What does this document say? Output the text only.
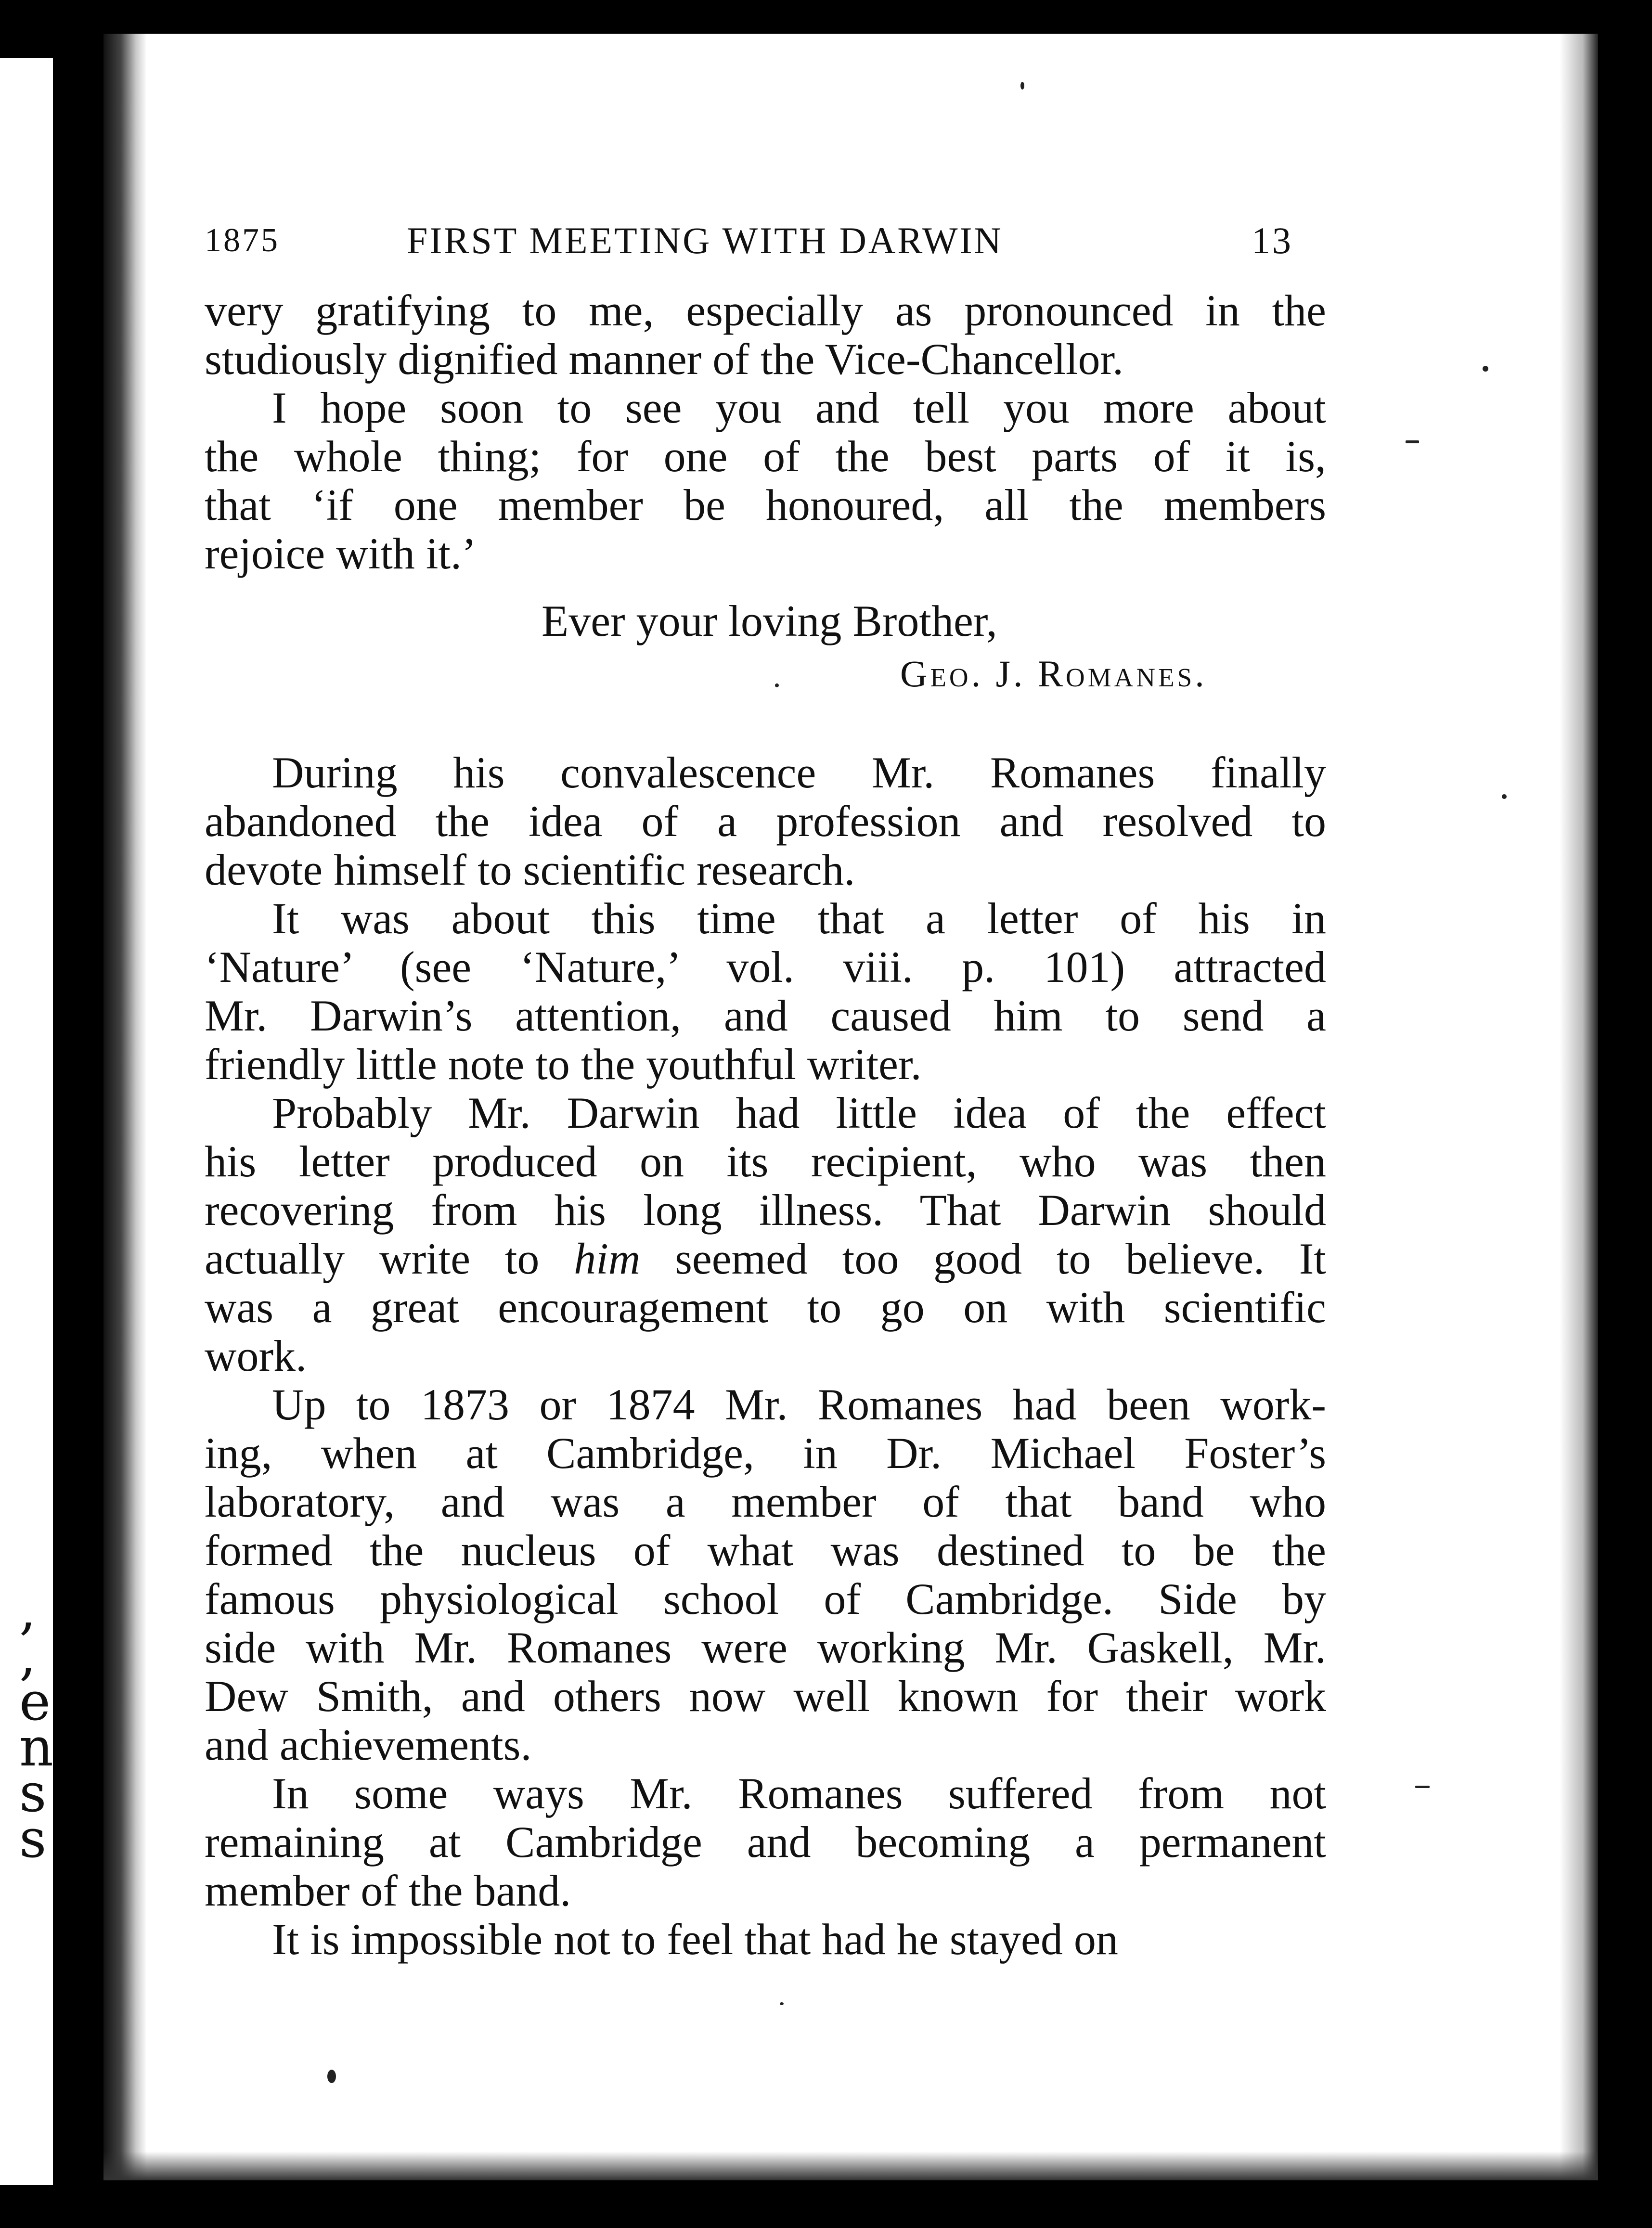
,
,
e
n
s
s
1875	FIRST MEETING WITH DARWIN	13
very gratifying to me, especially as pronounced in the
studiously dignified manner of the Vice-Chancellor.
I hope soon to see you and tell you more about
the whole thing; for one of the best parts of it is,
that ‘if one member be honoured, all the members
rejoice with it.’
Ever your loving Brother,
Geo. J. Romanes.
During his convalescence Mr. Romanes finally
abandoned the idea of a profession and resolved to
devote himself to scientific research.
It was about this time that a letter of his in
‘Nature’ (see ‘Nature,’ vol. viii. p. 101) attracted
Mr. Darwin’s attention, and caused him to send a
friendly little note to the youthful writer.
Probably Mr. Darwin had little idea of the effect
his letter produced on its recipient, who was then
recovering from his long illness. That Darwin should
actually write to him seemed too good to believe. It
was a great encouragement to go on with scientific
work.
Up to 1873 or 1874 Mr. Romanes had been work-
ing, when at Cambridge, in Dr. Michael Foster’s
laboratory, and was a member of that band who
formed the nucleus of what was destined to be the
famous physiological school of Cambridge. Side by
side with Mr. Romanes were working Mr. Gaskell, Mr.
Dew Smith, and others now well known for their work
and achievements.
In some ways Mr. Romanes suffered from not
remaining at Cambridge and becoming a permanent
member of the band.
It is impossible not to feel that had he stayed on
